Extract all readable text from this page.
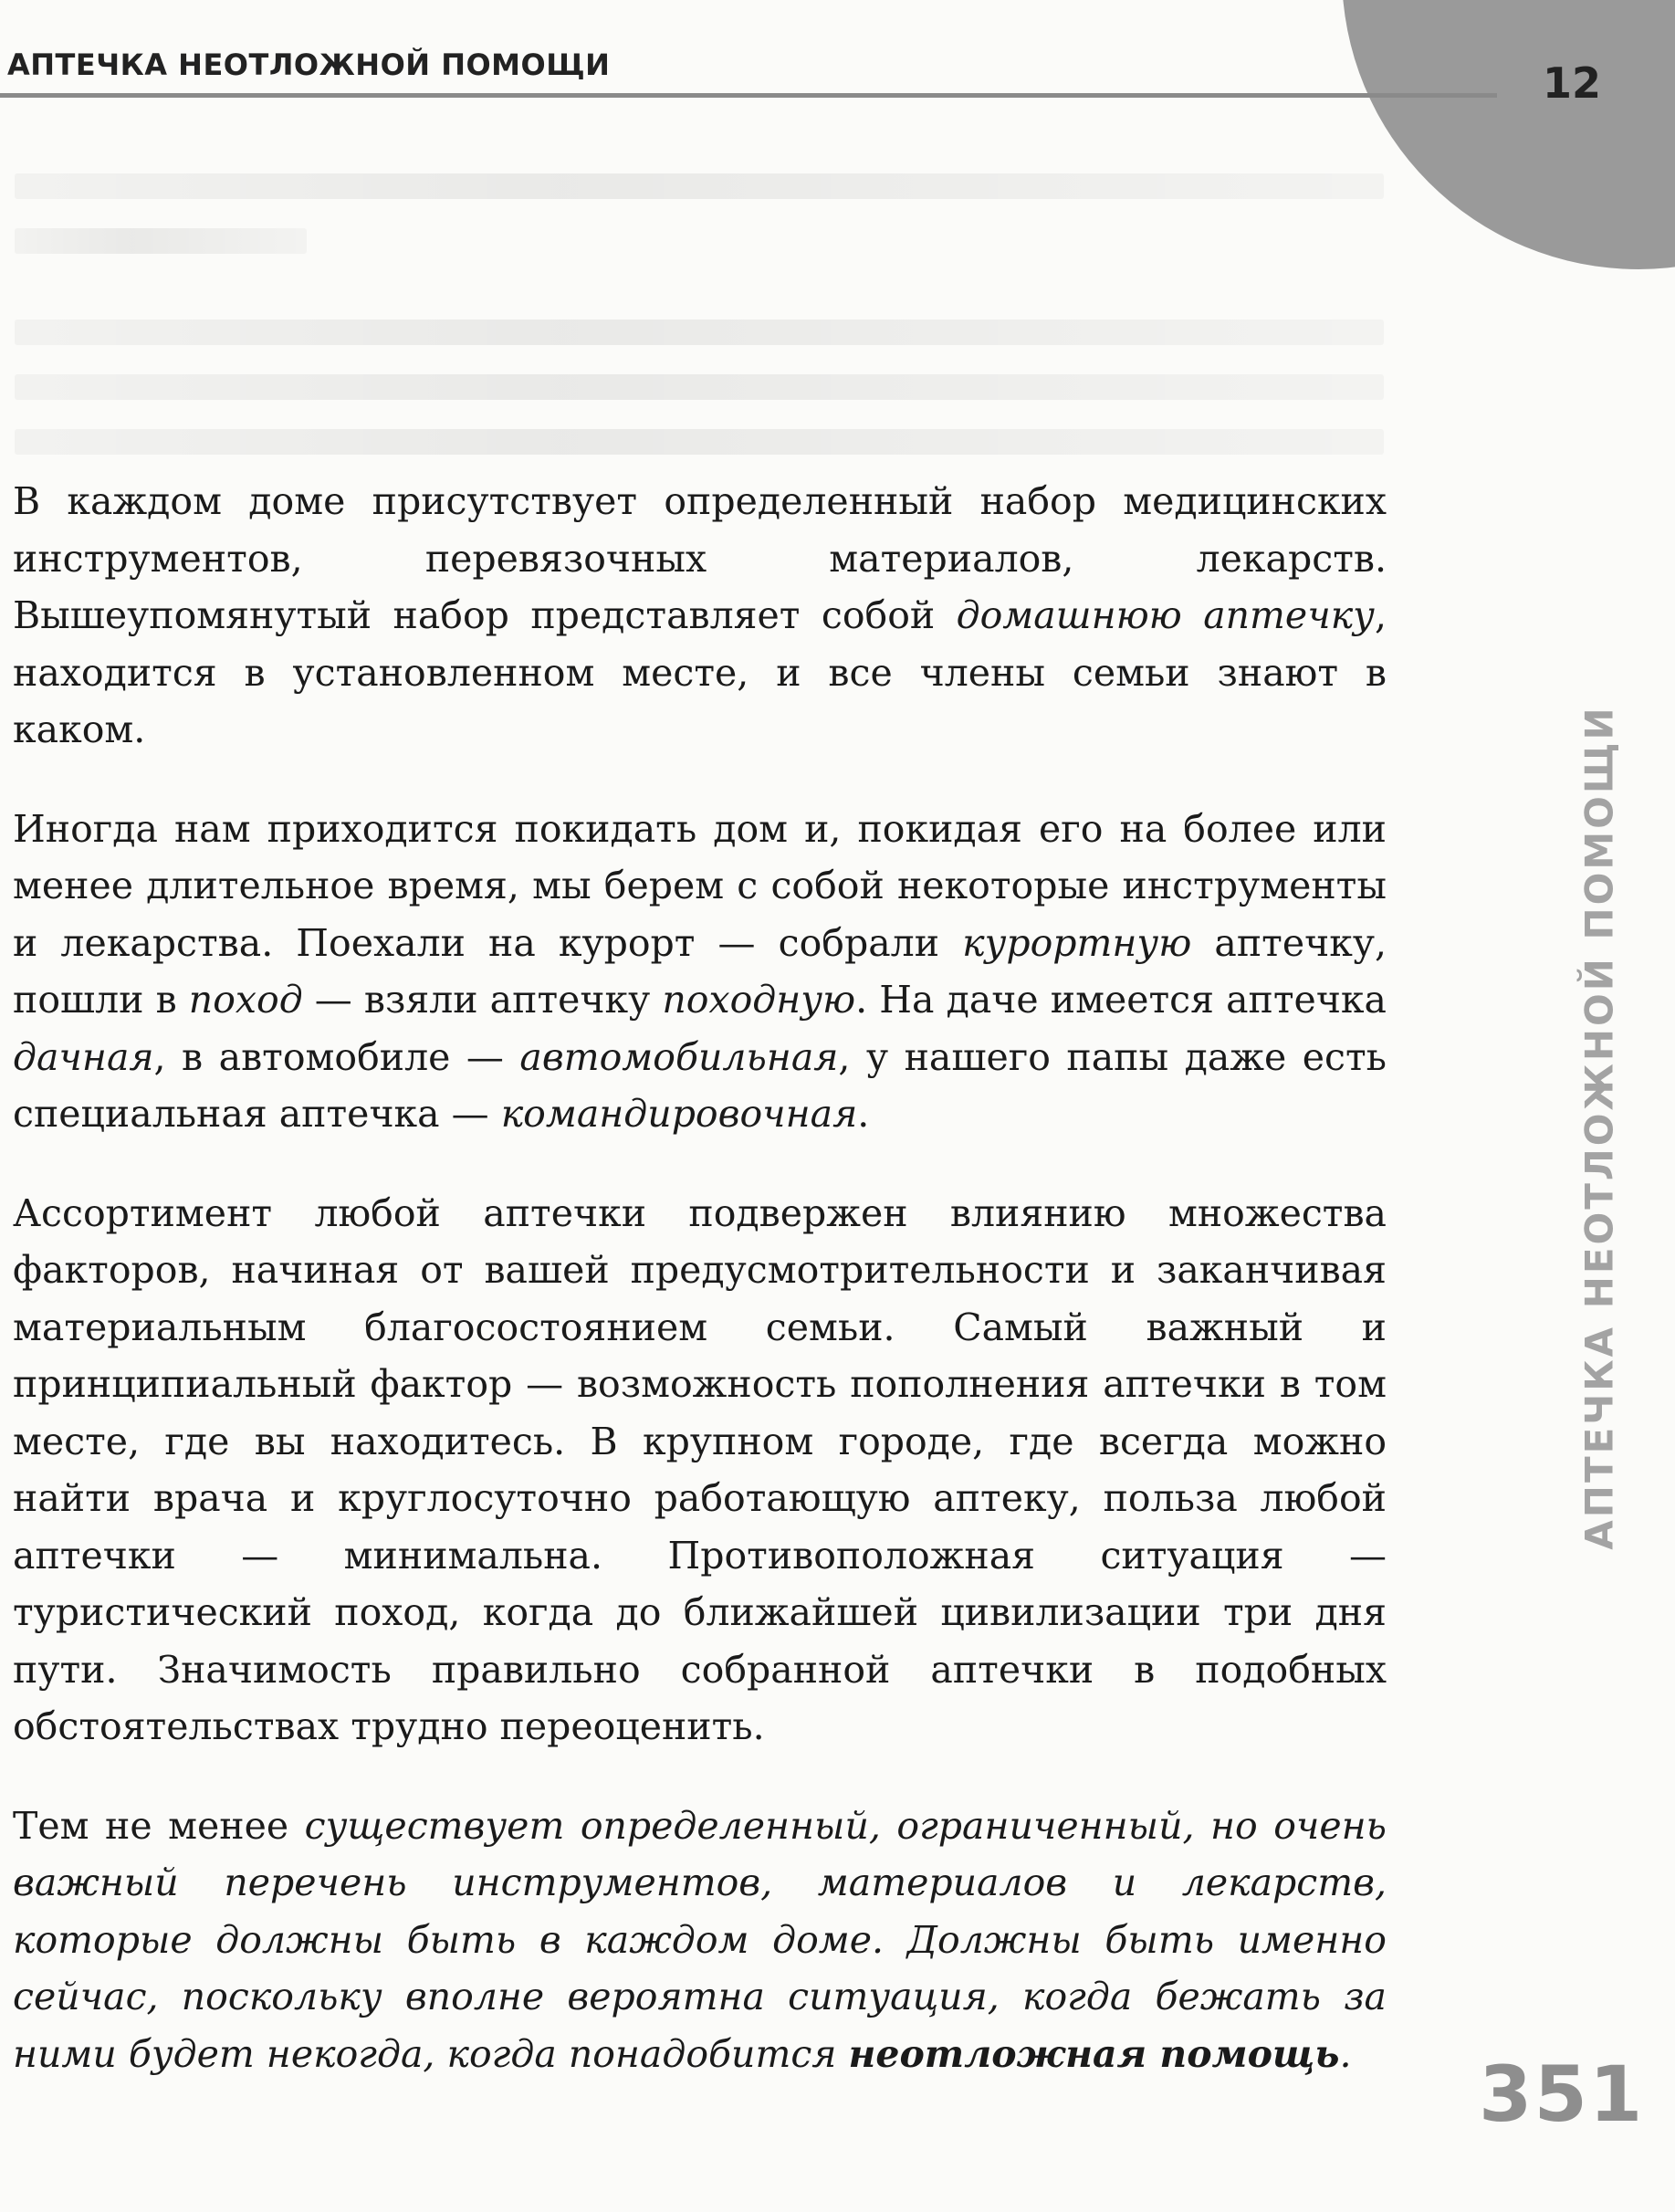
АПТЕЧКА НЕОТЛОЖНОЙ ПОМОЩИ	12
АПТЕЧКА НЕОТЛОЖНОЙ ПОМОЩИ

В каждом доме присутствует определенный набор медицинских инструментов, перевязочных материалов, лекарств. Вышеупомянутый набор представляет собой домашнюю аптечку, находится в установленном месте, и все члены семьи знают в каком.

Иногда нам приходится покидать дом и, покидая его на более или менее длительное время, мы берем с собой некоторые инструменты и лекарства. Поехали на курорт — собрали курортную аптечку, пошли в поход — взяли аптечку походную. На даче имеется аптечка дачная, в автомобиле — автомобильная, у нашего папы даже есть специальная аптечка — командировочная.

Ассортимент любой аптечки подвержен влиянию множества факторов, начиная от вашей предусмотрительности и заканчивая материальным благосостоянием семьи. Самый важный и принципиальный фактор — возможность пополнения аптечки в том месте, где вы находитесь. В крупном городе, где всегда можно найти врача и круглосуточно работающую аптеку, польза любой аптечки — минимальна. Противоположная ситуация — туристический поход, когда до ближайшей цивилизации три дня пути. Значимость правильно собранной аптечки в подобных обстоятельствах трудно переоценить.

Тем не менее существует определенный, ограниченный, но очень важный перечень инструментов, материалов и лекарств, которые должны быть в каждом доме. Должны быть именно сейчас, поскольку вполне вероятна ситуация, когда бежать за ними будет некогда, когда понадобится неотложная помощь.	351
